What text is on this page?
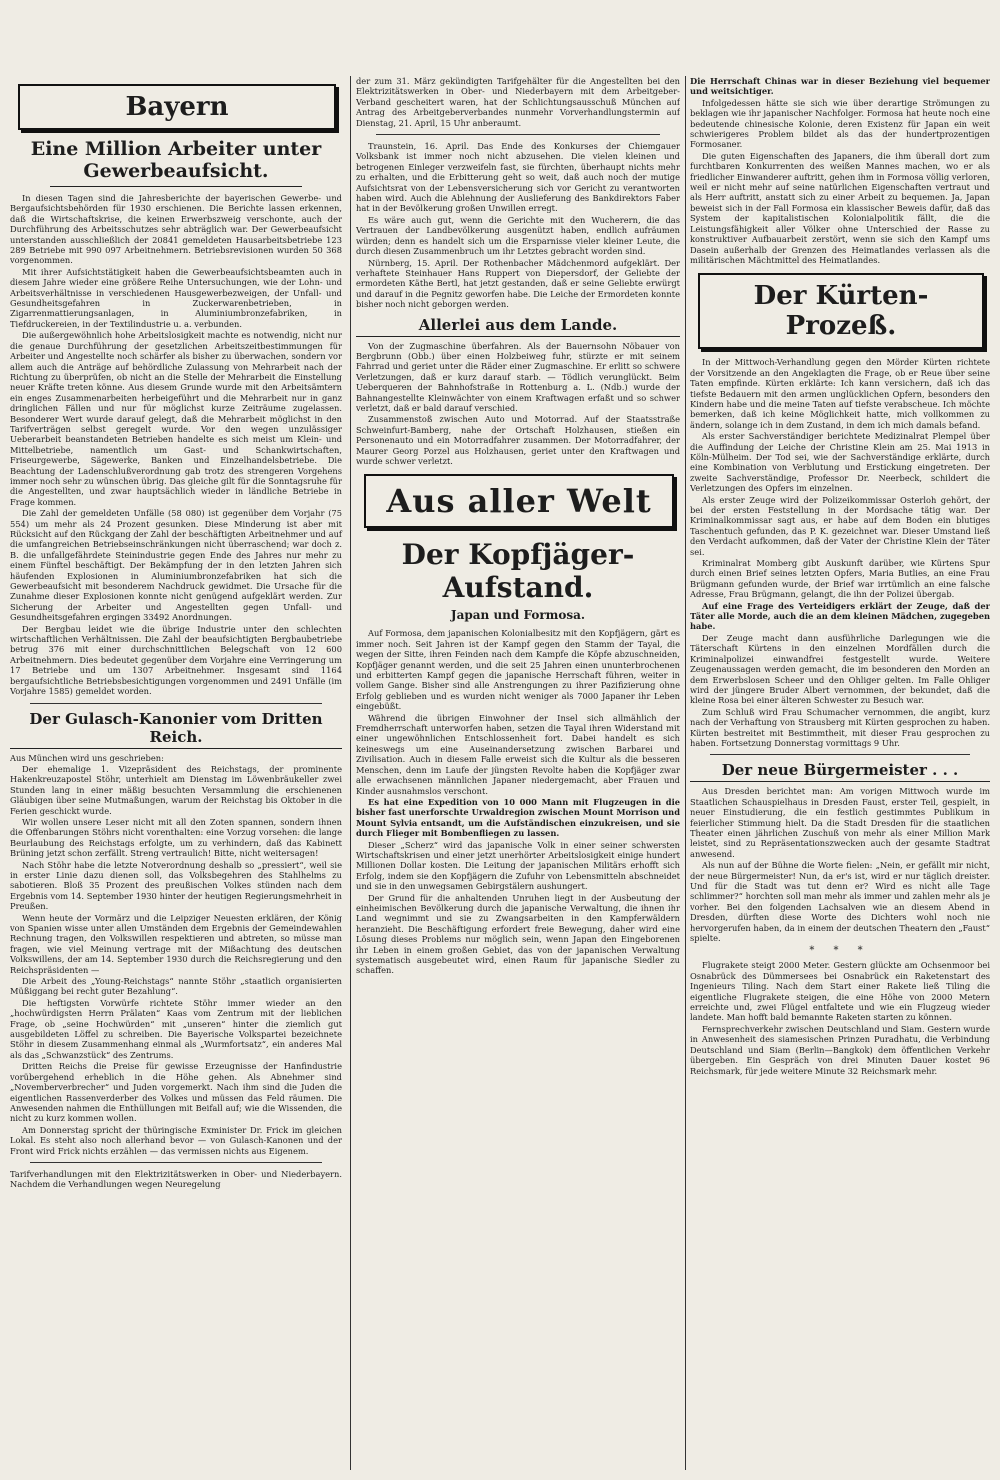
Bayern
Eine Million Arbeiter unter Gewerbeaufsicht.

In diesen Tagen sind die Jahresberichte der bayerischen Gewerbe- und Bergaufsichtsbehörden für 1930 erschienen. Die Berichte lassen erkennen, daß die Wirtschaftskrise, die keinen Erwerbszweig verschonte, auch der Durchführung des Arbeitsschutzes sehr abträglich war. Der Gewerbeaufsicht unterstanden ausschließlich der 20841 gemeldeten Hausarbeitsbetriebe 123 289 Betriebe mit 990 097 Arbeitnehmern. Betriebsrevisionen wurden 50 368 vorgenommen.

Mit ihrer Aufsichtstätigkeit haben die Gewerbeaufsichtsbeamten auch in diesem Jahre wieder eine größere Reihe Untersuchungen, wie der Lohn- und Arbeitsverhältnisse in verschiedenen Hausgewerbezweigen, der Unfall- und Gesundheitsgefahren in Zuckerwarenbetrieben, in Zigarrenmattierungsanlagen, in Aluminiumbronzefabriken, in Tiefdruckereien, in der Textilindustrie u. a. verbunden.

Die außergewöhnlich hohe Arbeitslosigkeit machte es notwendig, nicht nur die genaue Durchführung der gesetzlichen Arbeitszeitbestimmungen für Arbeiter und Angestellte noch schärfer als bisher zu überwachen, sondern vor allem auch die Anträge auf behördliche Zulassung von Mehrarbeit nach der Richtung zu überprüfen, ob nicht an die Stelle der Mehrarbeit die Einstellung neuer Kräfte treten könne. Aus diesem Grunde wurde mit den Arbeitsämtern ein enges Zusammenarbeiten herbeigeführt und die Mehrarbeit nur in ganz dringlichen Fällen und nur für möglichst kurze Zeiträume zugelassen. Besonderer Wert wurde darauf gelegt, daß die Mehrarbeit möglichst in den Tarifverträgen selbst geregelt wurde. Vor den wegen unzulässiger Ueberarbeit beanstandeten Betrieben handelte es sich meist um Klein- und Mittelbetriebe, namentlich um Gast- und Schankwirtschaften, Friseurgewerbe, Sägewerke, Banken und Einzelhandelsbetriebe. Die Beachtung der Ladenschlußverordnung gab trotz des strengeren Vorgehens immer noch sehr zu wünschen übrig. Das gleiche gilt für die Sonntagsruhe für die Angestellten, und zwar hauptsächlich wieder in ländliche Betriebe in Frage kommen.

Die Zahl der gemeldeten Unfälle (58 080) ist gegenüber dem Vorjahr (75 554) um mehr als 24 Prozent gesunken. Diese Minderung ist aber mit Rücksicht auf den Rückgang der Zahl der beschäftigten Arbeitnehmer und auf die umfangreichen Betriebseinschränkungen nicht überraschend; war doch z. B. die unfallgefährdete Steinindustrie gegen Ende des Jahres nur mehr zu einem Fünftel beschäftigt. Der Bekämpfung der in den letzten Jahren sich häufenden Explosionen in Aluminiumbronzefabriken hat sich die Gewerbeaufsicht mit besonderem Nachdruck gewidmet. Die Ursache für die Zunahme dieser Explosionen konnte nicht genügend aufgeklärt werden. Zur Sicherung der Arbeiter und Angestellten gegen Unfall- und Gesundheitsgefahren ergingen 33492 Anordnungen.

Der Bergbau leidet wie die übrige Industrie unter den schlechten wirtschaftlichen Verhältnissen. Die Zahl der beaufsichtigten Bergbaubetriebe betrug 376 mit einer durchschnittlichen Belegschaft von 12 600 Arbeitnehmern. Dies bedeutet gegenüber dem Vorjahre eine Verringerung um 17 Betriebe und um 1307 Arbeitnehmer. Insgesamt sind 1164 bergaufsichtliche Betriebsbesichtigungen vorgenommen und 2491 Unfälle (im Vorjahre 1585) gemeldet worden.

Der Gulasch-Kanonier vom Dritten Reich.

Aus München wird uns geschrieben:

Der ehemalige 1. Vizepräsident des Reichstags, der prominente Hakenkreuzapostel Stöhr, unterhielt am Dienstag im Löwenbräukeller zwei Stunden lang in einer mäßig besuchten Versammlung die erschienenen Gläubigen über seine Mutmaßungen, warum der Reichstag bis Oktober in die Ferien geschickt wurde.

Wir wollen unsere Leser nicht mit all den Zoten spannen, sondern ihnen die Offenbarungen Stöhrs nicht vorenthalten: eine Vorzug vorsehen: die lange Beurlaubung des Reichstags erfolgte, um zu verhindern, daß das Kabinett Brüning jetzt schon zerfällt. Streng vertraulich! Bitte, nicht weitersagen!

Nach Stöhr habe die letzte Notverordnung deshalb so „pressiert“, weil sie in erster Linie dazu dienen soll, das Volksbegehren des Stahlhelms zu sabotieren. Bloß 35 Prozent des preußischen Volkes stünden nach dem Ergebnis vom 14. September 1930 hinter der heutigen Regierungsmehrheit in Preußen.

Wenn heute der Vormärz und die Leipziger Neuesten erklären, der König von Spanien wisse unter allen Umständen dem Ergebnis der Gemeindewahlen Rechnung tragen, den Volkswillen respektieren und abtreten, so müsse man fragen, wie viel Meinung vertrage mit der Mißachtung des deutschen Volkswillens, der am 14. September 1930 durch die Reichsregierung und den Reichspräsidenten —

Die Arbeit des „Young-Reichstags“ nannte Stöhr „staatlich organisierten Müßiggang bei recht guter Bezahlung“.

Die heftigsten Vorwürfe richtete Stöhr immer wieder an den „hochwürdigsten Herrn Prälaten“ Kaas vom Zentrum mit der lieblichen Frage, ob „seine Hochwürden“ mit „unseren“ hinter die ziemlich gut ausgebildeten Löffel zu schreiben. Die Bayerische Volkspartei bezeichnete Stöhr in diesem Zusammenhang einmal als „Wurmfortsatz“, ein anderes Mal als das „Schwanzstück“ des Zentrums.

Dritten Reichs die Preise für gewisse Erzeugnisse der Hanfindustrie vorübergehend erheblich in die Höhe gehen. Als Abnehmer sind „Novemberverbrecher“ und Juden vorgemerkt. Nach ihm sind die Juden die eigentlichen Rassenverderber des Volkes und müssen das Feld räumen. Die Anwesenden nahmen die Enthüllungen mit Beifall auf; wie die Wissenden, die nicht zu kurz kommen wollen.

Am Donnerstag spricht der thüringische Exminister Dr. Frick im gleichen Lokal. Es steht also noch allerhand bevor — von Gulasch-Kanonen und der Front wird Frick nichts erzählen — das vermissen nichts aus Eigenem.

Tarifverhandlungen mit den Elektrizitätswerken in Ober- und Niederbayern. Nachdem die Verhandlungen wegen Neuregelung

der zum 31. März gekündigten Tarifgehälter für die Angestellten bei den Elektrizitätswerken in Ober- und Niederbayern mit dem Arbeitgeber-Verband gescheitert waren, hat der Schlichtungsausschuß München auf Antrag des Arbeitgeberverbandes nunmehr Vorverhandlungstermin auf Dienstag, 21. April, 15 Uhr anberaumt.

Traunstein, 16. April. Das Ende des Konkurses der Chiemgauer Volksbank ist immer noch nicht abzusehen. Die vielen kleinen und betrogenen Einleger verzweifeln fast, sie fürchten, überhaupt nichts mehr zu erhalten, und die Erbitterung geht so weit, daß auch noch der mutige Aufsichtsrat von der Lebensversicherung sich vor Gericht zu verantworten haben wird. Auch die Ablehnung der Auslieferung des Bankdirektors Faber hat in der Bevölkerung großen Unwillen erregt.

Es wäre auch gut, wenn die Gerichte mit den Wucherern, die das Vertrauen der Landbevölkerung ausgenützt haben, endlich aufräumen würden; denn es handelt sich um die Ersparnisse vieler kleiner Leute, die durch diesen Zusammenbruch um ihr Letztes gebracht worden sind.

Nürnberg, 15. April. Der Rothenbacher Mädchenmord aufgeklärt. Der verhaftete Steinhauer Hans Ruppert von Diepersdorf, der Geliebte der ermordeten Käthe Bertl, hat jetzt gestanden, daß er seine Geliebte erwürgt und darauf in die Pegnitz geworfen habe. Die Leiche der Ermordeten konnte bisher noch nicht geborgen werden.

Allerlei aus dem Lande.

Von der Zugmaschine überfahren. Als der Bauernsohn Nöbauer von Bergbrunn (Obb.) über einen Holzbeiweg fuhr, stürzte er mit seinem Fahrrad und geriet unter die Räder einer Zugmaschine. Er erlitt so schwere Verletzungen, daß er kurz darauf starb. — Tödlich verunglückt. Beim Ueberqueren der Bahnhofstraße in Rottenburg a. L. (Ndb.) wurde der Bahnangestellte Kleinwächter von einem Kraftwagen erfaßt und so schwer verletzt, daß er bald darauf verschied.

Zusammenstoß zwischen Auto und Motorrad. Auf der Staatsstraße Schweinfurt-Bamberg, nahe der Ortschaft Holzhausen, stießen ein Personenauto und ein Motorradfahrer zusammen. Der Motorradfahrer, der Maurer Georg Porzel aus Holzhausen, geriet unter den Kraftwagen und wurde schwer verletzt.

Aus aller Welt
Der Kopfjäger-Aufstand.
Japan und Formosa.

Auf Formosa, dem japanischen Kolonialbesitz mit den Kopfjägern, gärt es immer noch. Seit Jahren ist der Kampf gegen den Stamm der Tayal, die wegen der Sitte, ihren Feinden nach dem Kampfe die Köpfe abzuschneiden, Kopfjäger genannt werden, und die seit 25 Jahren einen ununterbrochenen und erbitterten Kampf gegen die japanische Herrschaft führen, weiter in vollem Gange. Bisher sind alle Anstrengungen zu ihrer Pazifizierung ohne Erfolg geblieben und es wurden nicht weniger als 7000 Japaner ihr Leben eingebüßt.

Während die übrigen Einwohner der Insel sich allmählich der Fremdherrschaft unterworfen haben, setzen die Tayal ihren Widerstand mit einer ungewöhnlichen Entschlossenheit fort. Dabei handelt es sich keineswegs um eine Auseinandersetzung zwischen Barbarei und Zivilisation. Auch in diesem Falle erweist sich die Kultur als die besseren Menschen, denn im Laufe der jüngsten Revolte haben die Kopfjäger zwar alle erwachsenen männlichen Japaner niedergemacht, aber Frauen und Kinder ausnahmslos verschont.

Es hat eine Expedition von 10 000 Mann mit Flugzeugen in die bisher fast unerforschte Urwaldregion zwischen Mount Morrison und Mount Sylvia entsandt, um die Aufständischen einzukreisen, und sie durch Flieger mit Bombenfliegen zu lassen.

Dieser „Scherz“ wird das japanische Volk in einer seiner schwersten Wirtschaftskrisen und einer jetzt unerhörter Arbeitslosigkeit einige hundert Millionen Dollar kosten. Die Leitung der japanischen Militärs erhofft sich Erfolg, indem sie den Kopfjägern die Zufuhr von Lebensmitteln abschneidet und sie in den unwegsamen Gebirgstälern aushungert.

Der Grund für die anhaltenden Unruhen liegt in der Ausbeutung der einheimischen Bevölkerung durch die japanische Verwaltung, die ihnen ihr Land wegnimmt und sie zu Zwangsarbeiten in den Kampferwäldern heranzieht. Die Beschäftigung erfordert freie Bewegung, daher wird eine Lösung dieses Problems nur möglich sein, wenn Japan den Eingeborenen ihr Leben in einem großen Gebiet, das von der japanischen Verwaltung systematisch ausgebeutet wird, einen Raum für japanische Siedler zu schaffen.

Die Herrschaft Chinas war in dieser Beziehung viel bequemer und weitsichtiger.

Infolgedessen hätte sie sich wie über derartige Strömungen zu beklagen wie ihr japanischer Nachfolger. Formosa hat heute noch eine bedeutende chinesische Kolonie, deren Existenz für Japan ein weit schwierigeres Problem bildet als das der hundertprozentigen Formosaner.

Die guten Eigenschaften des Japaners, die ihm überall dort zum furchtbaren Konkurrenten des weißen Mannes machen, wo er als friedlicher Einwanderer auftritt, gehen ihm in Formosa völlig verloren, weil er nicht mehr auf seine natürlichen Eigenschaften vertraut und als Herr auftritt, anstatt sich zu einer Arbeit zu bequemen. Ja, Japan beweist sich in der Fall Formosa ein klassischer Beweis dafür, daß das System der kapitalistischen Kolonialpolitik fällt, die die Leistungsfähigkeit aller Völker ohne Unterschied der Rasse zu konstruktiver Aufbauarbeit zerstört, wenn sie sich den Kampf ums Dasein außerhalb der Grenzen des Heimatlandes verlassen als die militärischen Mächtmittel des Heimatlandes.

Der Kürten-Prozeß.

In der Mittwoch-Verhandlung gegen den Mörder Kürten richtete der Vorsitzende an den Angeklagten die Frage, ob er Reue über seine Taten empfinde. Kürten erklärte: Ich kann versichern, daß ich das tiefste Bedauern mit den armen unglücklichen Opfern, besonders den Kindern habe und die meine Taten auf tiefste verabscheue. Ich möchte bemerken, daß ich keine Möglichkeit hatte, mich vollkommen zu ändern, solange ich in dem Zustand, in dem ich mich damals befand.

Als erster Sachverständiger berichtete Medizinalrat Plempel über die Auffindung der Leiche der Christine Klein am 25. Mai 1913 in Köln-Mülheim. Der Tod sei, wie der Sachverständige erklärte, durch eine Kombination von Verblutung und Erstickung eingetreten. Der zweite Sachverständige, Professor Dr. Neerbeck, schildert die Verletzungen des Opfers im einzelnen.

Als erster Zeuge wird der Polizeikommissar Osterloh gehört, der bei der ersten Feststellung in der Mordsache tätig war. Der Kriminalkommissar sagt aus, er habe auf dem Boden ein blutiges Taschentuch gefunden, das P. K. gezeichnet war. Dieser Umstand ließ den Verdacht aufkommen, daß der Vater der Christine Klein der Täter sei.

Kriminalrat Momberg gibt Auskunft darüber, wie Kürtens Spur durch einen Brief seines letzten Opfers, Maria Butlies, an eine Frau Brügmann gefunden wurde, der Brief war irrtümlich an eine falsche Adresse, Frau Brügmann, gelangt, die ihn der Polizei übergab.

Auf eine Frage des Verteidigers erklärt der Zeuge, daß der Täter alle Morde, auch die an dem kleinen Mädchen, zugegeben habe.

Der Zeuge macht dann ausführliche Darlegungen wie die Täterschaft Kürtens in den einzelnen Mordfällen durch die Kriminalpolizei einwandfrei festgestellt wurde. Weitere Zeugenaussagen werden gemacht, die im besonderen den Morden an dem Erwerbslosen Scheer und den Ohliger gelten. Im Falle Ohliger wird der jüngere Bruder Albert vernommen, der bekundet, daß die kleine Rosa bei einer älteren Schwester zu Besuch war.

Zum Schluß wird Frau Schumacher vernommen, die angibt, kurz nach der Verhaftung von Strausberg mit Kürten gesprochen zu haben. Kürten bestreitet mit Bestimmtheit, mit dieser Frau gesprochen zu haben. Fortsetzung Donnerstag vormittags 9 Uhr.

Der neue Bürgermeister . . .

Aus Dresden berichtet man: Am vorigen Mittwoch wurde im Staatlichen Schauspielhaus in Dresden Faust, erster Teil, gespielt, in neuer Einstudierung, die ein festlich gestimmtes Publikum in feierlicher Stimmung hielt. Da die Stadt Dresden für die staatlichen Theater einen jährlichen Zuschuß von mehr als einer Million Mark leistet, sind zu Repräsentationszwecken auch der gesamte Stadtrat anwesend.

Als nun auf der Bühne die Worte fielen: „Nein, er gefällt mir nicht, der neue Bürgermeister! Nun, da er's ist, wird er nur täglich dreister. Und für die Stadt was tut denn er? Wird es nicht alle Tage schlimmer?“ horchten soll man mehr als immer und zahlen mehr als je vorher. Bei den folgenden Lachsalven wie an diesem Abend in Dresden, dürften diese Worte des Dichters wohl noch nie hervorgerufen haben, da in einem der deutschen Theatern den „Faust“ spielte.

* * *

Flugrakete steigt 2000 Meter. Gestern glückte am Ochsenmoor bei Osnabrück des Dümmersees bei Osnabrück ein Raketenstart des Ingenieurs Tiling. Nach dem Start einer Rakete ließ Tiling die eigentliche Flugrakete steigen, die eine Höhe von 2000 Metern erreichte und, zwei Flügel entfaltete und wie ein Flugzeug wieder landete. Man hofft bald bemannte Raketen starten zu können.

Fernsprechverkehr zwischen Deutschland und Siam. Gestern wurde in Anwesenheit des siamesischen Prinzen Puradhatu, die Verbindung Deutschland und Siam (Berlin—Bangkok) dem öffentlichen Verkehr übergeben. Ein Gespräch von drei Minuten Dauer kostet 96 Reichsmark, für jede weitere Minute 32 Reichsmark mehr.
